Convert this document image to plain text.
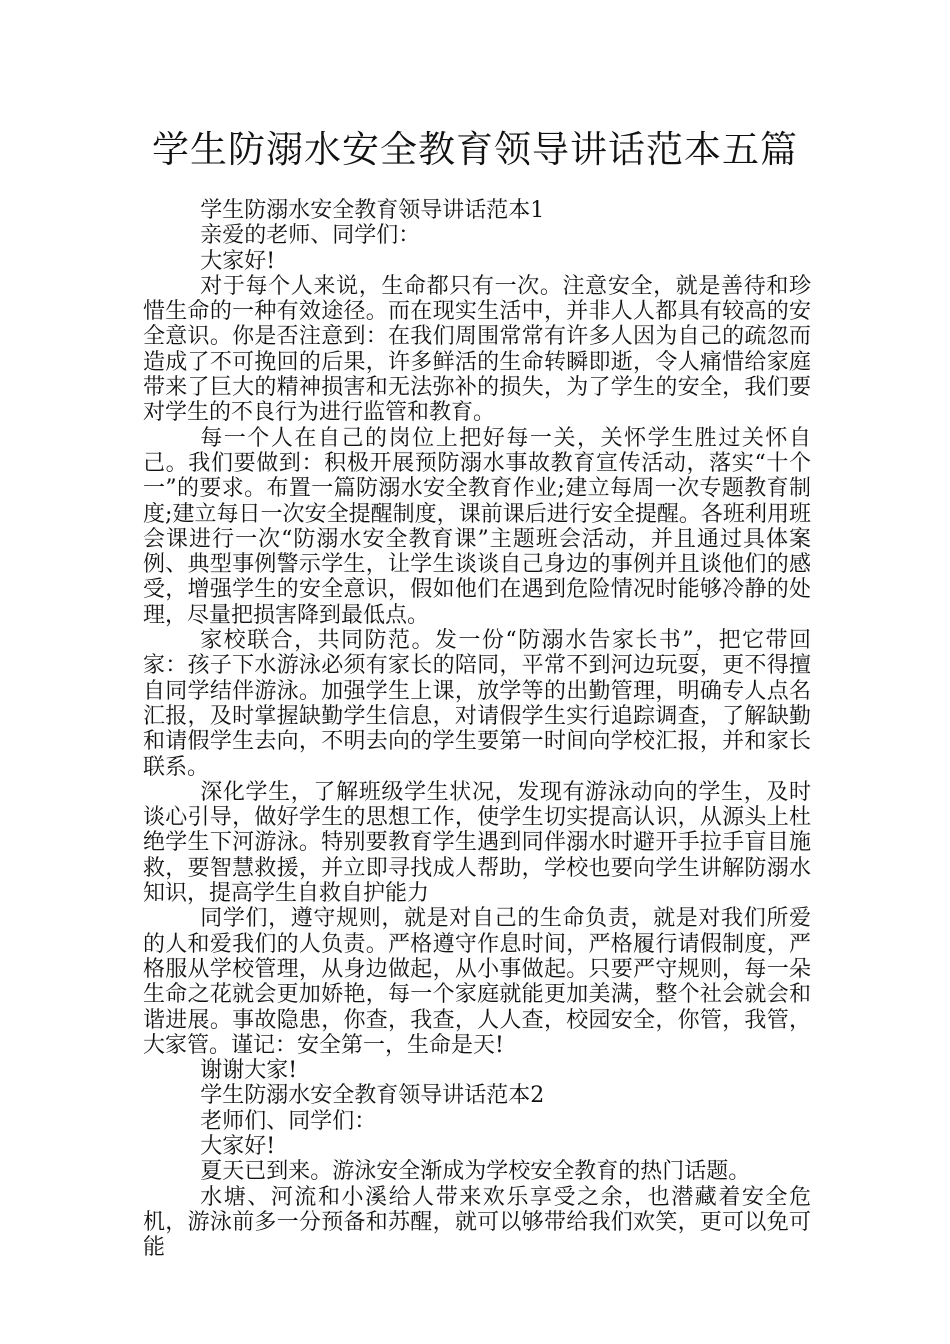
学生防溺水安全教育领导讲话范本五篇

学生防溺水安全教育领导讲话范本1

亲爱的老师、同学们：

大家好!

对于每个人来说，生命都只有一次。注意安全，就是善待和珍惜生命的一种有效途径。而在现实生活中，并非人人都具有较高的安全意识。你是否注意到：在我们周围常常有许多人因为自己的疏忽而造成了不可挽回的后果，许多鲜活的生命转瞬即逝，令人痛惜给家庭带来了巨大的精神损害和无法弥补的损失，为了学生的安全，我们要对学生的不良行为进行监管和教育。

每一个人在自己的岗位上把好每一关，关怀学生胜过关怀自己。我们要做到：积极开展预防溺水事故教育宣传活动，落实“十个一”的要求。布置一篇防溺水安全教育作业;建立每周一次专题教育制度;建立每日一次安全提醒制度，课前课后进行安全提醒。各班利用班会课进行一次“防溺水安全教育课”主题班会活动，并且通过具体案例、典型事例警示学生，让学生谈谈自己身边的事例并且谈他们的感受，增强学生的安全意识，假如他们在遇到危险情况时能够冷静的处理，尽量把损害降到最低点。

家校联合，共同防范。发一份“防溺水告家长书”，把它带回家：孩子下水游泳必须有家长的陪同，平常不到河边玩耍，更不得擅自同学结伴游泳。加强学生上课，放学等的出勤管理，明确专人点名汇报，及时掌握缺勤学生信息，对请假学生实行追踪调查，了解缺勤和请假学生去向，不明去向的学生要第一时间向学校汇报，并和家长联系。

深化学生，了解班级学生状况，发现有游泳动向的学生，及时谈心引导，做好学生的思想工作，使学生切实提高认识，从源头上杜绝学生下河游泳。特别要教育学生遇到同伴溺水时避开手拉手盲目施救，要智慧救援，并立即寻找成人帮助，学校也要向学生讲解防溺水知识，提高学生自救自护能力

同学们，遵守规则，就是对自己的生命负责，就是对我们所爱的人和爱我们的人负责。严格遵守作息时间，严格履行请假制度，严格服从学校管理，从身边做起，从小事做起。只要严守规则，每一朵生命之花就会更加娇艳，每一个家庭就能更加美满，整个社会就会和谐进展。事故隐患，你查，我查，人人查，校园安全，你管，我管，大家管。谨记：安全第一，生命是天!

谢谢大家!

学生防溺水安全教育领导讲话范本2

老师们、同学们：

大家好!

夏天已到来。游泳安全渐成为学校安全教育的热门话题。

水塘、河流和小溪给人带来欢乐享受之余，也潜藏着安全危机，游泳前多一分预备和苏醒，就可以够带给我们欢笑，更可以免可能
